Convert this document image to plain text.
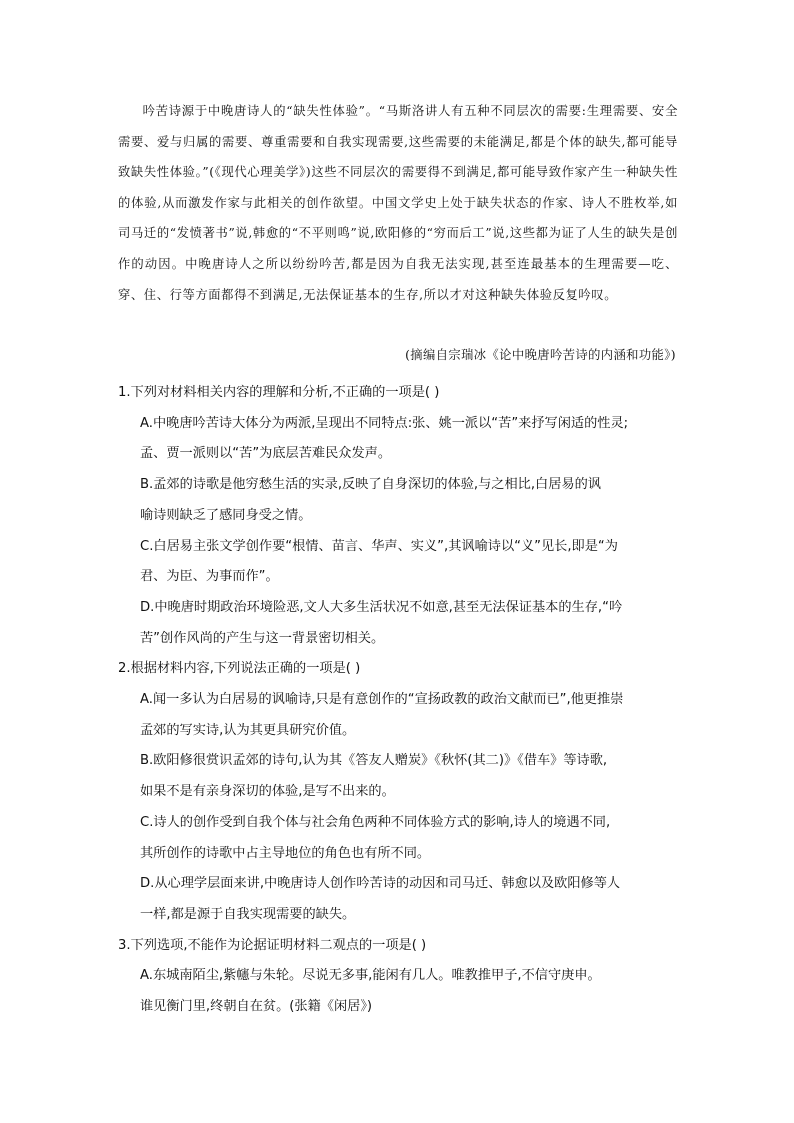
吟苦诗源于中晚唐诗人的“缺失性体验”。“马斯洛讲人有五种不同层次的需要:生理需要、安全需要、爱与归属的需要、尊重需要和自我实现需要,这些需要的未能满足,都是个体的缺失,都可能导致缺失性体验。”(《现代心理美学》)这些不同层次的需要得不到满足,都可能导致作家产生一种缺失性的体验,从而激发作家与此相关的创作欲望。中国文学史上处于缺失状态的作家、诗人不胜枚举,如司马迁的“发愤著书”说,韩愈的“不平则鸣”说,欧阳修的“穷而后工”说,这些都为证了人生的缺失是创作的动因。中晚唐诗人之所以纷纷吟苦,都是因为自我无法实现,甚至连最基本的生理需要—吃、穿、住、行等方面都得不到满足,无法保证基本的生存,所以才对这种缺失体验反复吟叹。

(摘编自宗瑞冰《论中晚唐吟苦诗的内涵和功能》)

1.下列对材料相关内容的理解和分析,不正确的一项是( )

A.中晚唐吟苦诗大体分为两派,呈现出不同特点:张、姚一派以“苦”来抒写闲适的性灵;
孟、贾一派则以“苦”为底层苦难民众发声。

B.孟郊的诗歌是他穷愁生活的实录,反映了自身深切的体验,与之相比,白居易的讽
喻诗则缺乏了感同身受之情。

C.白居易主张文学创作要“根情、苗言、华声、实义”,其讽喻诗以“义”见长,即是“为
君、为臣、为事而作”。

D.中晚唐时期政治环境险恶,文人大多生活状况不如意,甚至无法保证基本的生存,“吟
苦”创作风尚的产生与这一背景密切相关。

2.根据材料内容,下列说法正确的一项是( )

A.闻一多认为白居易的讽喻诗,只是有意创作的“宣扬政教的政治文献而已”,他更推崇
孟郊的写实诗,认为其更具研究价值。

B.欧阳修很赏识孟郊的诗句,认为其《答友人赠炭》《秋怀(其二)》《借车》等诗歌,
如果不是有亲身深切的体验,是写不出来的。

C.诗人的创作受到自我个体与社会角色两种不同体验方式的影响,诗人的境遇不同,
其所创作的诗歌中占主导地位的角色也有所不同。

D.从心理学层面来讲,中晚唐诗人创作吟苦诗的动因和司马迁、韩愈以及欧阳修等人
一样,都是源于自我实现需要的缺失。

3.下列选项,不能作为论据证明材料二观点的一项是( )

A.东城南陌尘,紫幰与朱轮。尽说无多事,能闲有几人。唯教推甲子,不信守庚申。
谁见衡门里,终朝自在贫。(张籍《闲居》)
